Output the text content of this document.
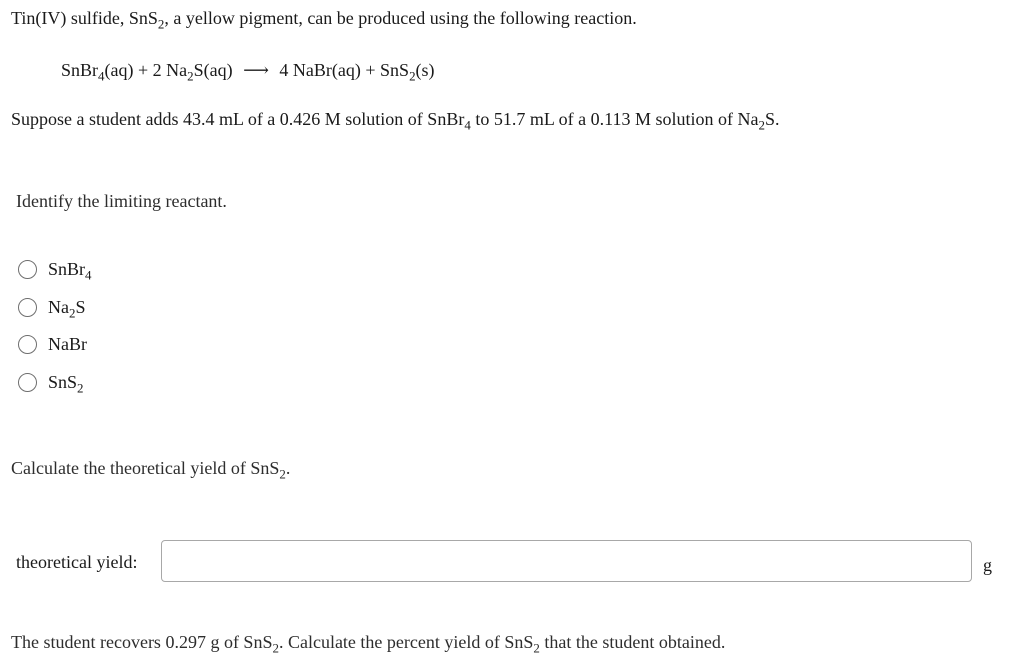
Tin(IV) sulfide, SnS$_2$, a yellow pigment, can be produced using the following reaction.
SnBr$_4$(aq) + 2 $Na_2S(aq)$ ⟶ 4 NaBr(aq) + SnS$_2$(s)
Suppose a student adds 43.4 mL of a 0.426 M solution of SnBr$_4$ to 51.7 mL of a 0.113 M solution of $Na_2S$.
Identify the limiting reactant.
SnBr$_4$
$Na_2S$
NaBr
SnS$_2$
Calculate the theoretical yield of SnS$_2$.
theoretical yield:	g
The student recovers 0.297 g of SnS$_2$. Calculate the percent yield of SnS$_2$ that the student obtained.
